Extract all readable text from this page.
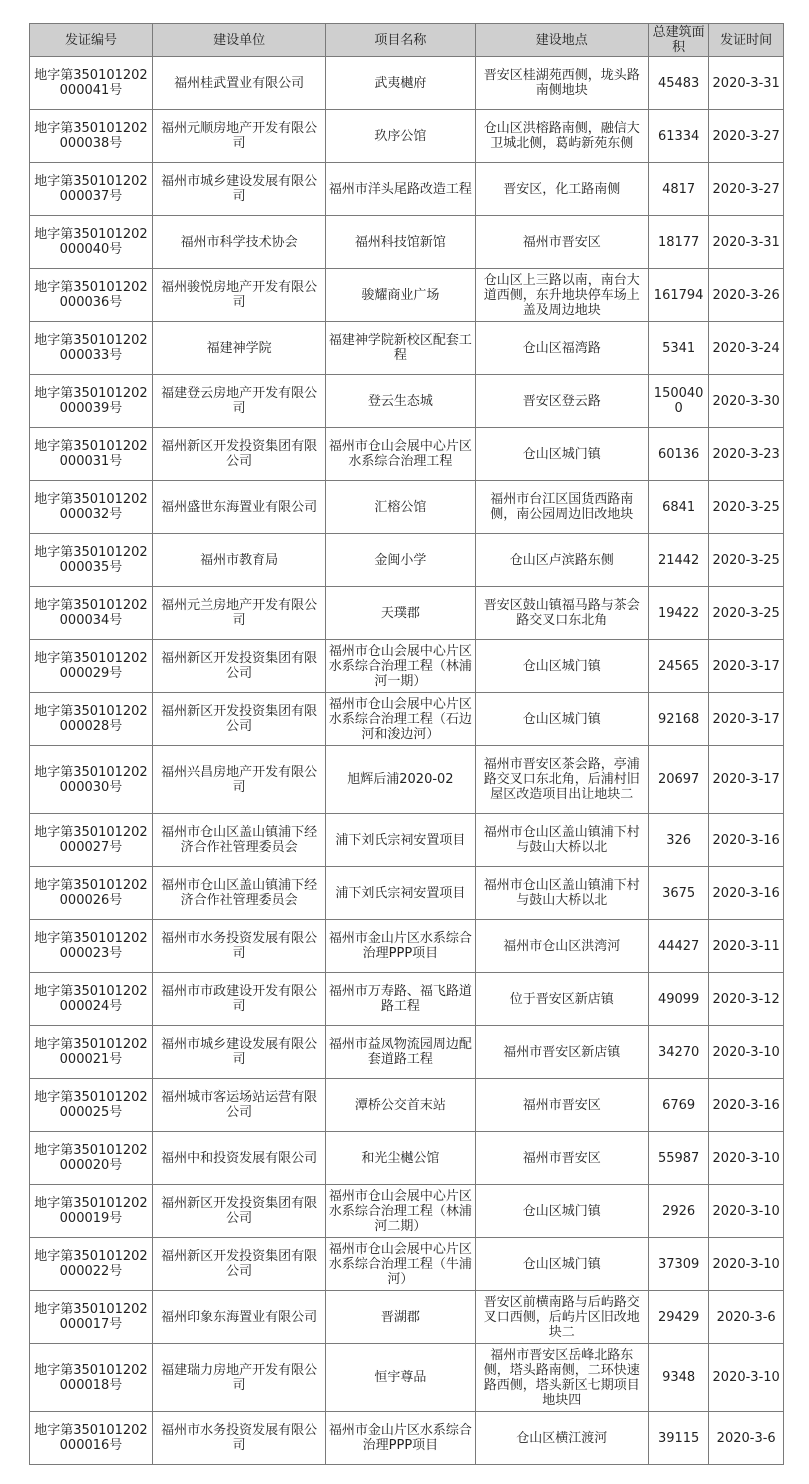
发证编号	建设单位	项目名称	建设地点	总建筑面积	发证时间
地字第350101202000041号	福州桂武置业有限公司	武夷樾府	晋安区桂湖苑西侧，垅头路南侧地块	45483	2020-3-31
地字第350101202000038号	福州元顺房地产开发有限公司	玖序公馆	仓山区洪榕路南侧，融信大卫城北侧，葛屿新苑东侧	61334	2020-3-27
地字第350101202000037号	福州市城乡建设发展有限公司	福州市洋头尾路改造工程	晋安区，化工路南侧	4817	2020-3-27
地字第350101202000040号	福州市科学技术协会	福州科技馆新馆	福州市晋安区	18177	2020-3-31
地字第350101202000036号	福州骏悦房地产开发有限公司	骏耀商业广场	仓山区上三路以南，南台大道西侧，东升地块停车场上盖及周边地块	161794	2020-3-26
地字第350101202000033号	福建神学院	福建神学院新校区配套工程	仓山区福湾路	5341	2020-3-24
地字第350101202000039号	福建登云房地产开发有限公司	登云生态城	晋安区登云路	1500400	2020-3-30
地字第350101202000031号	福州新区开发投资集团有限公司	福州市仓山会展中心片区水系综合治理工程	仓山区城门镇	60136	2020-3-23
地字第350101202000032号	福州盛世东海置业有限公司	汇榕公馆	福州市台江区国货西路南侧，南公园周边旧改地块	6841	2020-3-25
地字第350101202000035号	福州市教育局	金闽小学	仓山区卢滨路东侧	21442	2020-3-25
地字第350101202000034号	福州元兰房地产开发有限公司	天璞郡	晋安区鼓山镇福马路与茶会路交叉口东北角	19422	2020-3-25
地字第350101202000029号	福州新区开发投资集团有限公司	福州市仓山会展中心片区水系综合治理工程（林浦河一期）	仓山区城门镇	24565	2020-3-17
地字第350101202000028号	福州新区开发投资集团有限公司	福州市仓山会展中心片区水系综合治理工程（石边河和浚边河）	仓山区城门镇	92168	2020-3-17
地字第350101202000030号	福州兴昌房地产开发有限公司	旭辉后浦2020-02	福州市晋安区茶会路，亭浦路交叉口东北角，后浦村旧屋区改造项目出让地块二	20697	2020-3-17
地字第350101202000027号	福州市仓山区盖山镇浦下经济合作社管理委员会	浦下刘氏宗祠安置项目	福州市仓山区盖山镇浦下村与鼓山大桥以北	326	2020-3-16
地字第350101202000026号	福州市仓山区盖山镇浦下经济合作社管理委员会	浦下刘氏宗祠安置项目	福州市仓山区盖山镇浦下村与鼓山大桥以北	3675	2020-3-16
地字第350101202000023号	福州市水务投资发展有限公司	福州市金山片区水系综合治理PPP项目	福州市仓山区洪湾河	44427	2020-3-11
地字第350101202000024号	福州市市政建设开发有限公司	福州市万寿路、福飞路道路工程	位于晋安区新店镇	49099	2020-3-12
地字第350101202000021号	福州市城乡建设发展有限公司	福州市益凤物流园周边配套道路工程	福州市晋安区新店镇	34270	2020-3-10
地字第350101202000025号	福州城市客运场站运营有限公司	潭桥公交首末站	福州市晋安区	6769	2020-3-16
地字第350101202000020号	福州中和投资发展有限公司	和光尘樾公馆	福州市晋安区	55987	2020-3-10
地字第350101202000019号	福州新区开发投资集团有限公司	福州市仓山会展中心片区水系综合治理工程（林浦河二期）	仓山区城门镇	2926	2020-3-10
地字第350101202000022号	福州新区开发投资集团有限公司	福州市仓山会展中心片区水系综合治理工程（牛浦河）	仓山区城门镇	37309	2020-3-10
地字第350101202000017号	福州印象东海置业有限公司	晋湖郡	晋安区前横南路与后屿路交叉口西侧，后屿片区旧改地块二	29429	2020-3-6
地字第350101202000018号	福建瑞力房地产开发有限公司	恒宇尊品	福州市晋安区岳峰北路东侧，塔头路南侧，二环快速路西侧，塔头新区七期项目地块四	9348	2020-3-10
地字第350101202000016号	福州市水务投资发展有限公司	福州市金山片区水系综合治理PPP项目	仓山区横江渡河	39115	2020-3-6
